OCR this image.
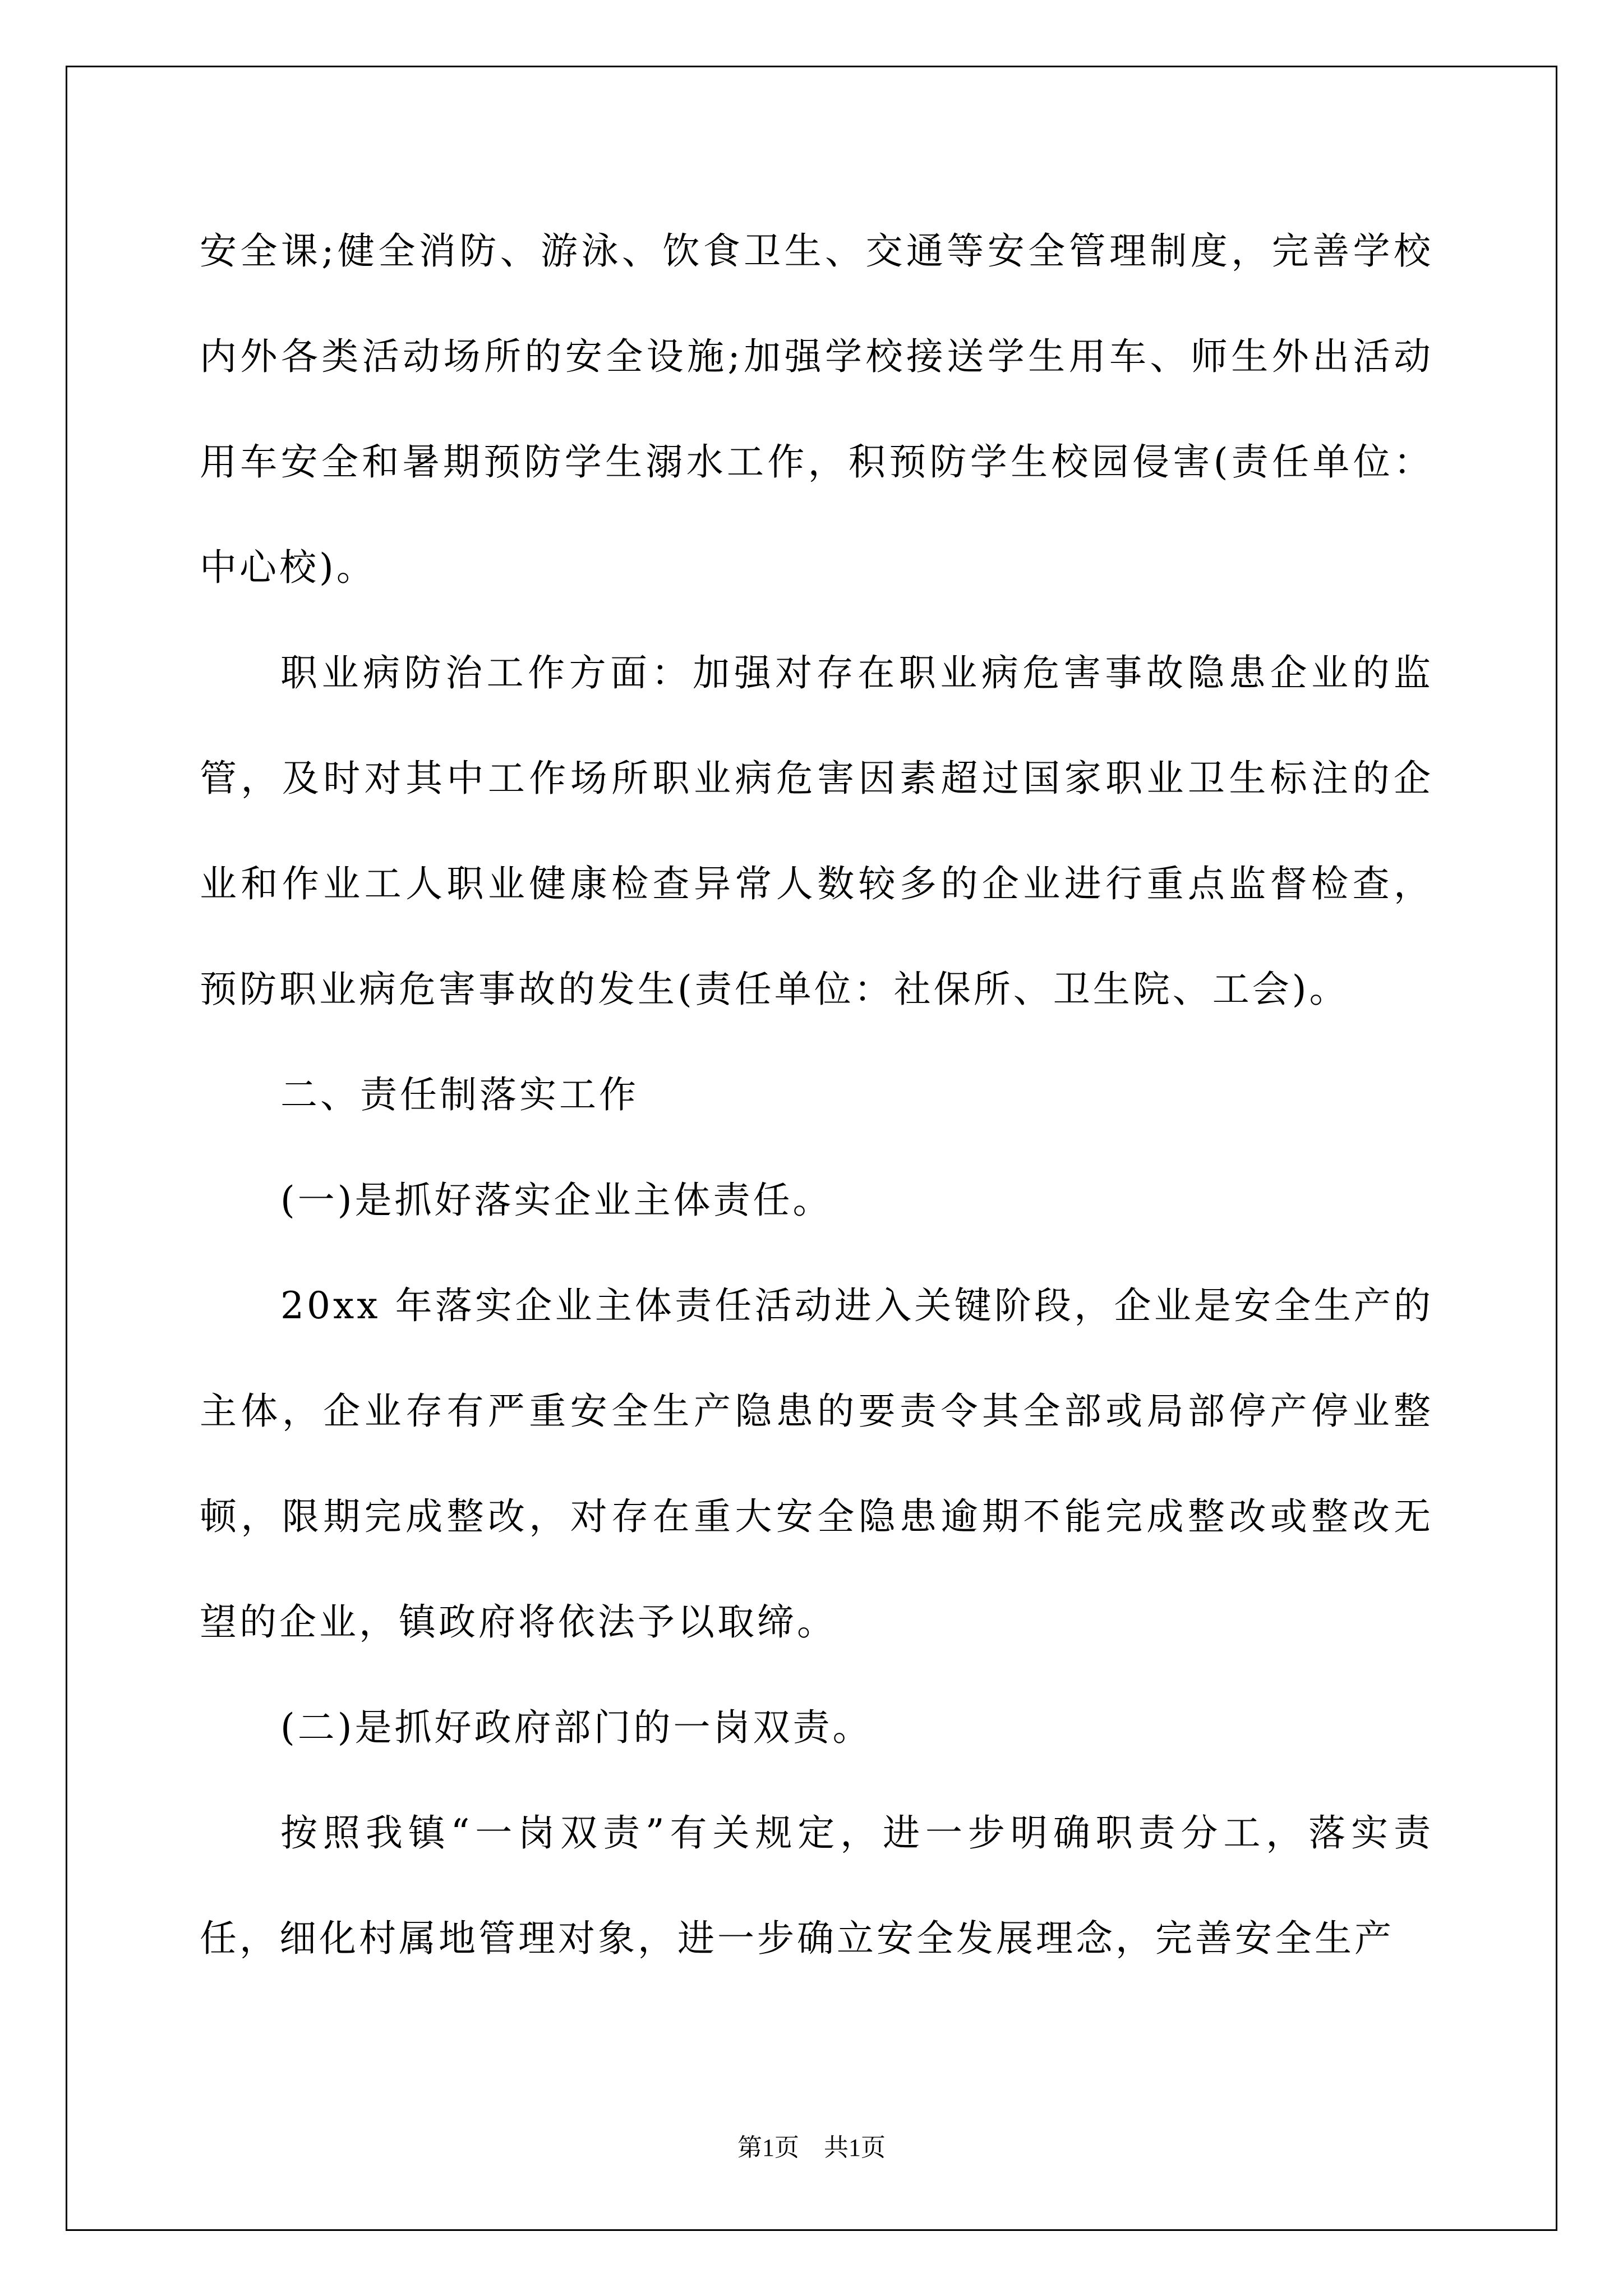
安全课;健全消防、游泳、饮食卫生、交通等安全管理制度，完善学校内外各类活动场所的安全设施;加强学校接送学生用车、师生外出活动用车安全和暑期预防学生溺水工作，积预防学生校园侵害(责任单位：中心校)。

职业病防治工作方面：加强对存在职业病危害事故隐患企业的监管，及时对其中工作场所职业病危害因素超过国家职业卫生标注的企业和作业工人职业健康检查异常人数较多的企业进行重点监督检查，预防职业病危害事故的发生(责任单位：社保所、卫生院、工会)。

二、责任制落实工作

(一)是抓好落实企业主体责任。

20xx 年落实企业主体责任活动进入关键阶段，企业是安全生产的主体，企业存有严重安全生产隐患的要责令其全部或局部停产停业整顿，限期完成整改，对存在重大安全隐患逾期不能完成整改或整改无望的企业，镇政府将依法予以取缔。

(二)是抓好政府部门的一岗双责。

按照我镇“一岗双责”有关规定，进一步明确职责分工，落实责任，细化村属地管理对象，进一步确立安全发展理念，完善安全生产

第1页　共1页
